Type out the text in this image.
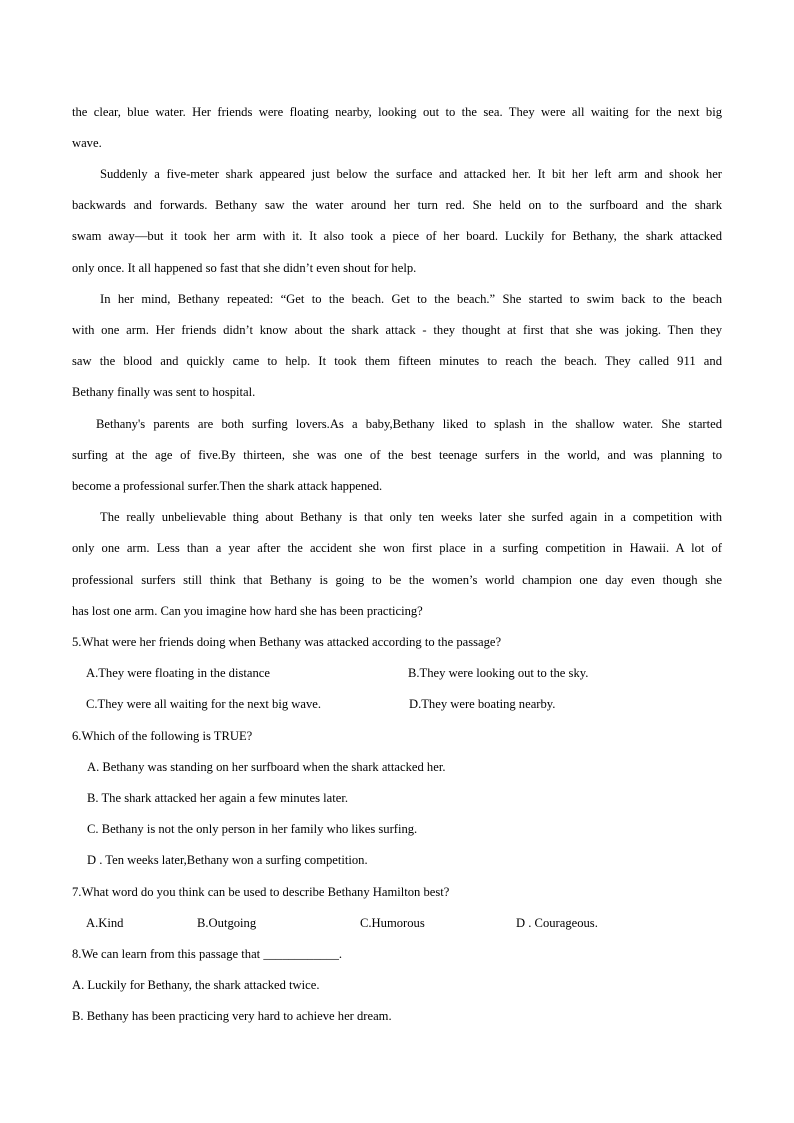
the clear, blue water. Her friends were floating nearby, looking out to the sea. They were all waiting for the next big
wave.
Suddenly a five-meter shark appeared just below the surface and attacked her. It bit her left arm and shook her
backwards and forwards. Bethany saw the water around her turn red. She held on to the surfboard and the shark
swam away—but it took her arm with it. It also took a piece of her board. Luckily for Bethany, the shark attacked
only once. It all happened so fast that she didn’t even shout for help.
In her mind, Bethany repeated: “Get to the beach. Get to the beach.” She started to swim back to the beach
with one arm. Her friends didn’t know about the shark attack - they thought at first that she was joking. Then they
saw the blood and quickly came to help. It took them fifteen minutes to reach the beach. They called 911 and
Bethany finally was sent to hospital.
Bethany's parents are both surfing lovers.As a baby,Bethany liked to splash in the shallow water. She started
surfing at the age of five.By thirteen, she was one of the best teenage surfers in the world, and was planning to
become a professional surfer.Then the shark attack happened.
The really unbelievable thing about Bethany is that only ten weeks later she surfed again in a competition with
only one arm. Less than a year after the accident she won first place in a surfing competition in Hawaii. A lot of
professional surfers still think that Bethany is going to be the women’s world champion one day even though she
has lost one arm. Can you imagine how hard she has been practicing?
5.What were her friends doing when Bethany was attacked according to the passage?
A.They were floating in the distance	B.They were looking out to the sky.
C.They were all waiting for the next big wave.	D.They were boating nearby.
6.Which of the following is TRUE?
A. Bethany was standing on her surfboard when the shark attacked her.
B. The shark attacked her again a few minutes later.
C. Bethany is not the only person in her family who likes surfing.
D . Ten weeks later,Bethany won a surfing competition.
7.What word do you think can be used to describe Bethany Hamilton best?
A.Kind	B.Outgoing	C.Humorous	D . Courageous.
8.We can learn from this passage that ____________.
A. Luckily for Bethany, the shark attacked twice.
B. Bethany has been practicing very hard to achieve her dream.
